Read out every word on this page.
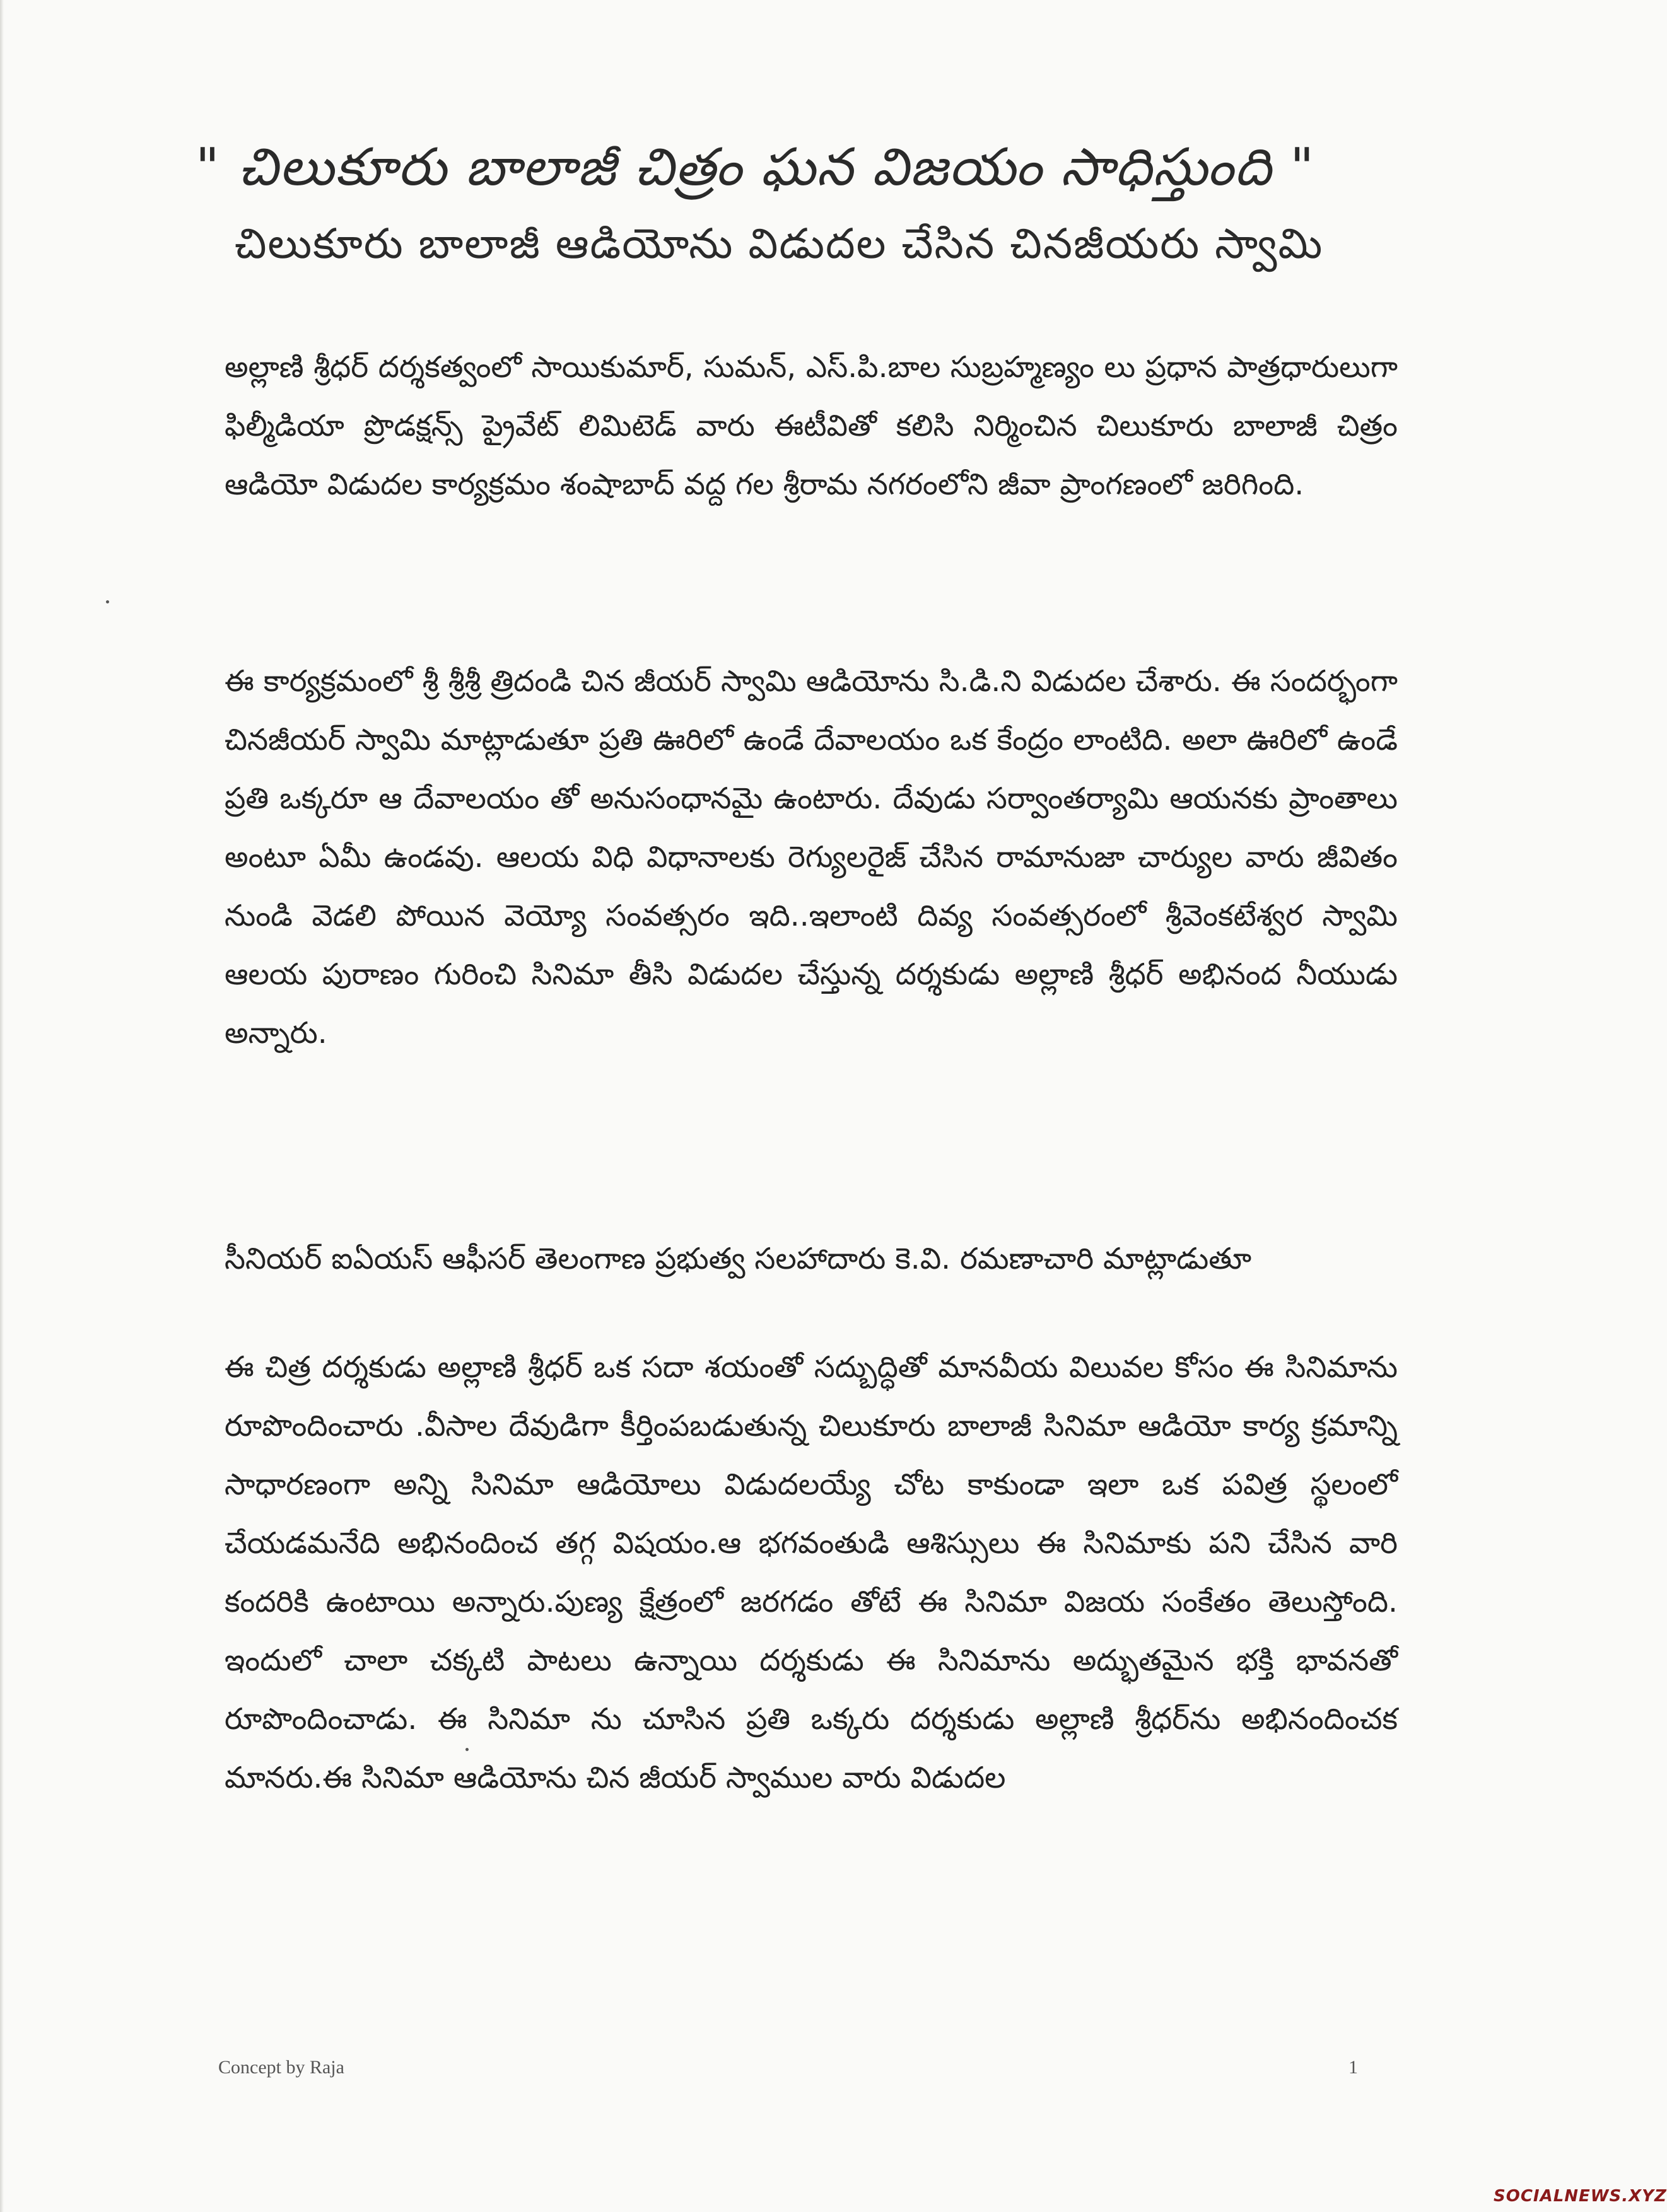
" చిలుకూరు బాలాజీ చిత్రం ఘన విజయం సాధిస్తుంది "
చిలుకూరు బాలాజీ ఆడియోను విడుదల చేసిన చినజీయరు స్వామి
అల్లాణి శ్రీధర్ దర్శకత్వంలో సాయికుమార్, సుమన్, ఎస్.పి.బాల సుబ్రహ్మణ్యం లు ప్రధాన పాత్రధారులుగా ఫిల్మీడియా ప్రొడక్షన్స్ ప్రైవేట్ లిమిటెడ్ వారు ఈటీవితో కలిసి నిర్మించిన చిలుకూరు బాలాజీ చిత్రం ఆడియో విడుదల కార్యక్రమం శంషాబాద్ వద్ద గల శ్రీరామ నగరంలోని జీవా ప్రాంగణంలో జరిగింది.
ఈ కార్యక్రమంలో శ్రీ శ్రీశ్రీ త్రిదండి చిన జీయర్ స్వామి ఆడియోను సి.డి.ని విడుదల చేశారు. ఈ సందర్భంగా చినజీయర్ స్వామి మాట్లాడుతూ ప్రతి ఊరిలో ఉండే దేవాలయం ఒక కేంద్రం లాంటిది. అలా ఊరిలో ఉండే ప్రతి ఒక్కరూ ఆ దేవాలయం తో అనుసంధానమై ఉంటారు. దేవుడు సర్వాంతర్యామి ఆయనకు ప్రాంతాలు అంటూ ఏమీ ఉండవు. ఆలయ విధి విధానాలకు రెగ్యులరైజ్ చేసిన రామానుజా చార్యుల వారు జీవితం నుండి వెడలి పోయిన వెయ్యో సంవత్సరం ఇది..ఇలాంటి దివ్య సంవత్సరంలో శ్రీవెంకటేశ్వర స్వామి ఆలయ పురాణం గురించి సినిమా తీసి విడుదల చేస్తున్న దర్శకుడు అల్లాణి శ్రీధర్ అభినంద నీయుడు అన్నారు.
సీనియర్ ఐఏయస్ ఆఫీసర్ తెలంగాణ ప్రభుత్వ సలహాదారు కె.వి. రమణాచారి మాట్లాడుతూ
ఈ చిత్ర దర్శకుడు అల్లాణి శ్రీధర్ ఒక సదా శయంతో సద్బుద్ధితో మానవీయ విలువల కోసం ఈ సినిమాను రూపొందించారు .వీసాల దేవుడిగా కీర్తింపబడుతున్న చిలుకూరు బాలాజీ సినిమా ఆడియో కార్య క్రమాన్ని సాధారణంగా అన్ని సినిమా ఆడియోలు విడుదలయ్యే చోట కాకుండా ఇలా ఒక పవిత్ర స్థలంలో చేయడమనేది అభినందించ తగ్గ విషయం.ఆ భగవంతుడి ఆశిస్సులు ఈ సినిమాకు పని చేసిన వారి కందరికి ఉంటాయి అన్నారు.పుణ్య క్షేత్రంలో జరగడం తోటే ఈ సినిమా విజయ సంకేతం తెలుస్తోంది. ఇందులో చాలా చక్కటి పాటలు ఉన్నాయి దర్శకుడు ఈ సినిమాను అద్భుతమైన భక్తి భావనతో రూపొందించాడు. ఈ సినిమా ను చూసిన ప్రతి ఒక్కరు దర్శకుడు అల్లాణి శ్రీధర్‌ను అభినందించక మానరు.ఈ సినిమా ఆడియోను చిన జీయర్ స్వాముల వారు విడుదల
Concept by Raja	1
SOCIALNEWS.XYZ
